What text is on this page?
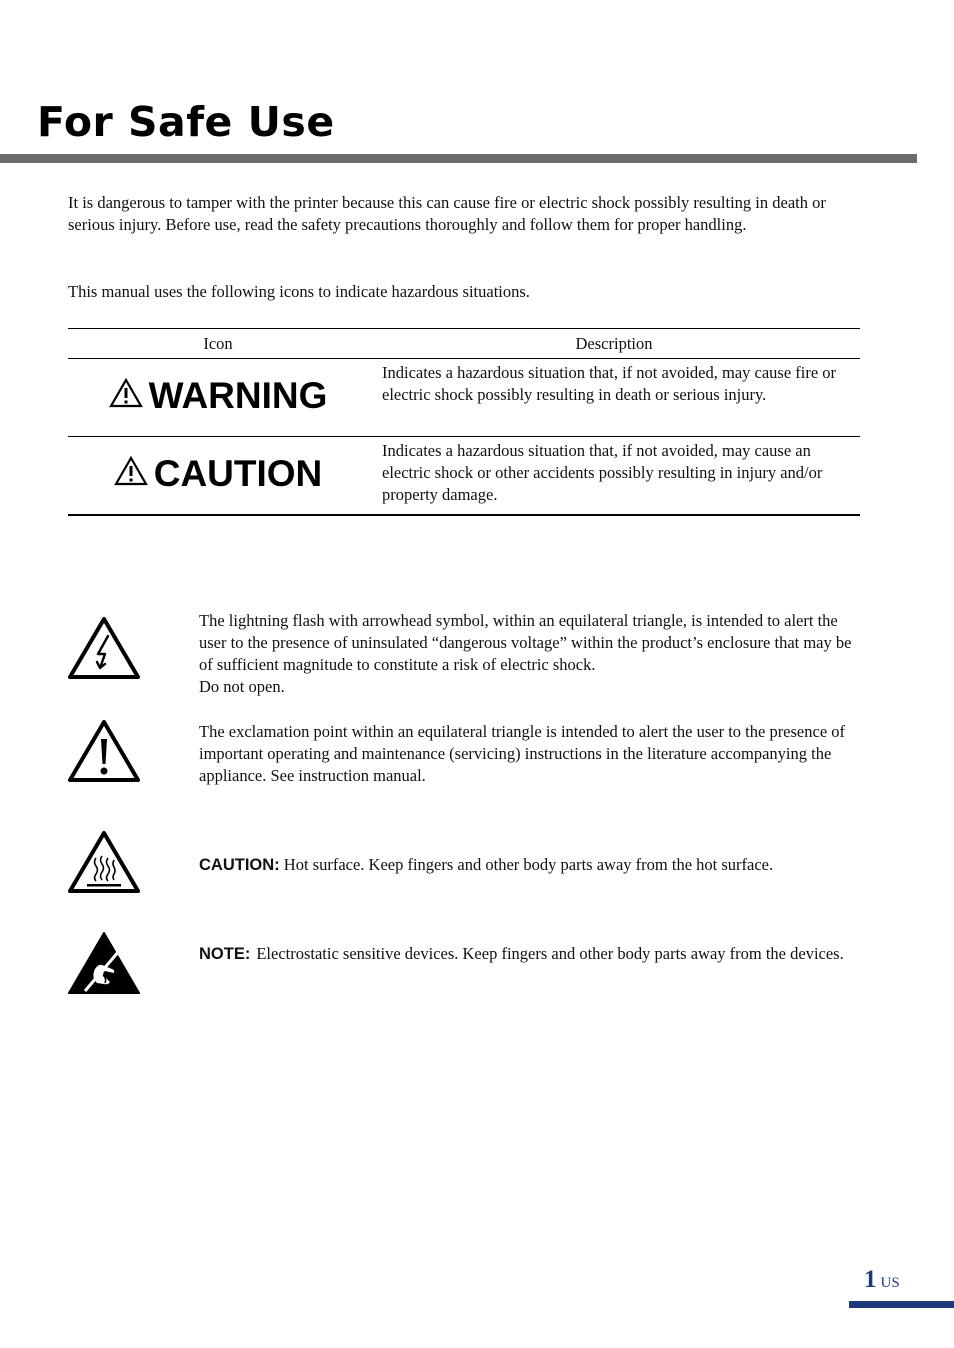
For Safe Use

It is dangerous to tamper with the printer because this can cause fire or electric shock possibly resulting in death or serious injury. Before use, read the safety precautions thoroughly and follow them for proper handling.

This manual uses the following icons to indicate hazardous situations.

Icon	Description

WARNING	Indicates a hazardous situation that, if not avoided, may cause fire or electric shock possibly resulting in death or serious injury.

CAUTION	Indicates a hazardous situation that, if not avoided, may cause an electric shock or other accidents possibly resulting in injury and/or property damage.
The lightning flash with arrowhead symbol, within an equilateral triangle, is intended to alert the user to the presence of uninsulated “dangerous voltage” within the product’s enclosure that may be of sufficient magnitude to constitute a risk of electric shock.
Do not open.

The exclamation point within an equilateral triangle is intended to alert the user to the presence of important operating and maintenance (servicing) instructions in the literature accompanying the appliance. See instruction manual.

CAUTION: Hot surface. Keep fingers and other body parts away from the hot surface.

NOTE: Electrostatic sensitive devices. Keep fingers and other body parts away from the devices.
1 US
